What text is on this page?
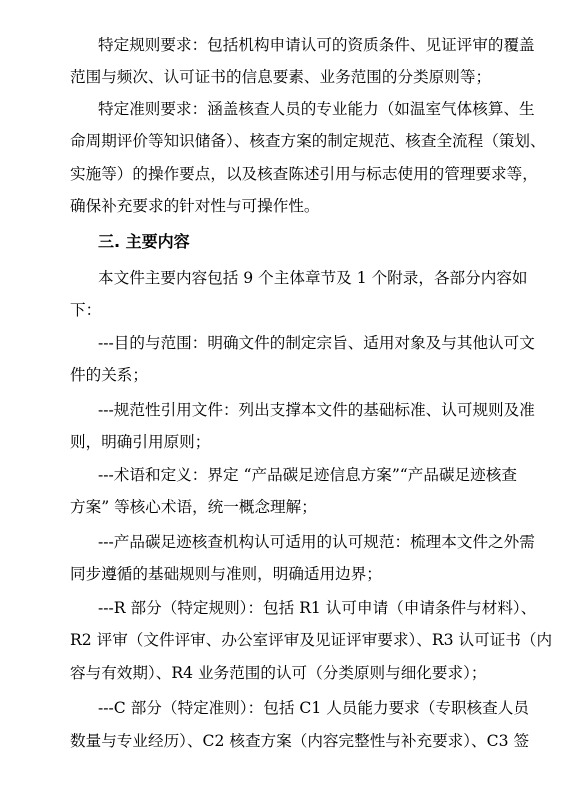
特定规则要求：包括机构申请认可的资质条件、见证评审的覆盖
范围与频次、认可证书的信息要素、业务范围的分类原则等；
特定准则要求：涵盖核查人员的专业能力（如温室气体核算、生
命周期评价等知识储备）、核查方案的制定规范、核查全流程（策划、
实施等）的操作要点，以及核查陈述引用与标志使用的管理要求等，
确保补充要求的针对性与可操作性。
三. 主要内容
本文件主要内容包括 9 个主体章节及 1 个附录，各部分内容如
下：
---目的与范围：明确文件的制定宗旨、适用对象及与其他认可文
件的关系；
---规范性引用文件：列出支撑本文件的基础标准、认可规则及准
则，明确引用原则；
---术语和定义：界定 “产品碳足迹信息方案”“产品碳足迹核查
方案” 等核心术语，统一概念理解；
---产品碳足迹核查机构认可适用的认可规范：梳理本文件之外需
同步遵循的基础规则与准则，明确适用边界；
---R 部分（特定规则）：包括 R1 认可申请（申请条件与材料）、
R2 评审（文件评审、办公室评审及见证评审要求）、R3 认可证书（内
容与有效期）、R4 业务范围的认可（分类原则与细化要求）；
---C 部分（特定准则）：包括 C1 人员能力要求（专职核查人员
数量与专业经历）、C2 核查方案（内容完整性与补充要求）、C3 签
